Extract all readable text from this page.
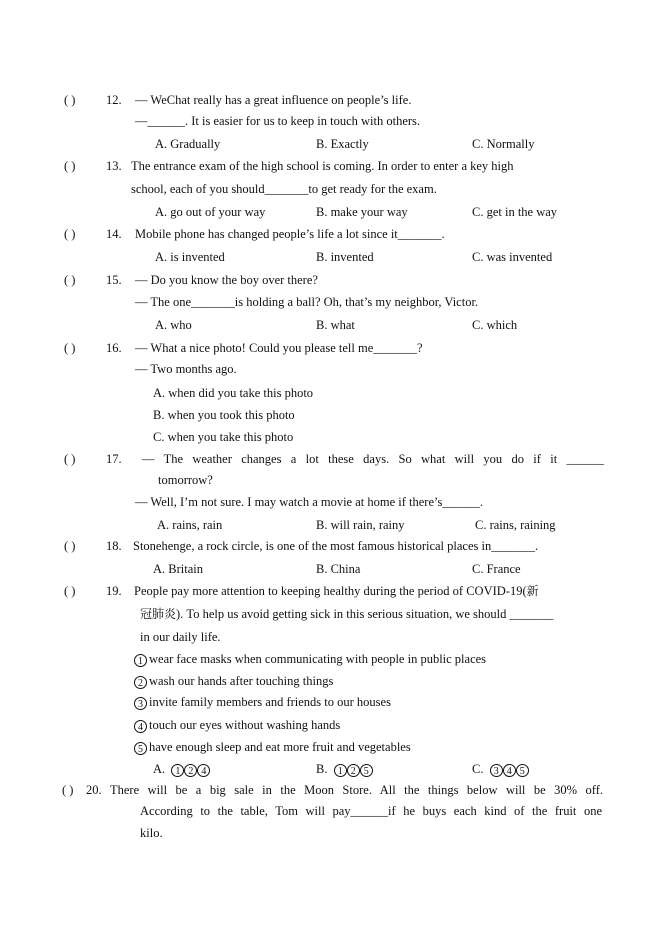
( ) 12. — WeChat really has a great influence on people’s life.
—______. It is easier for us to keep in touch with others.
A. Gradually	B. Exactly	C. Normally
( ) 13. The entrance exam of the high school is coming. In order to enter a key high
school, each of you should_______to get ready for the exam.
A. go out of your way	B. make your way	C. get in the way
( ) 14. Mobile phone has changed people’s life a lot since it_______.
A. is invented	B. invented	C. was invented
( ) 15. — Do you know the boy over there?
— The one_______is holding a ball? Oh, that’s my neighbor, Victor.
A. who	B. what	C. which
( ) 16. — What a nice photo! Could you please tell me_______?
— Two months ago.
A. when did you take this photo
B. when you took this photo
C. when you take this photo
( ) 17. — The weather changes a lot these days. So what will you do if it ______
tomorrow?
— Well, I’m not sure. I may watch a movie at home if there’s______.
A. rains, rain	B. will rain, rainy	C. rains, raining
( ) 18. Stonehenge, a rock circle, is one of the most famous historical places in_______.
A. Britain	B. China	C. France
( ) 19. People pay more attention to keeping healthy during the period of COVID-19(新
冠肺炎). To help us avoid getting sick in this serious situation, we should _______
in our daily life.
1 wear face masks when communicating with people in public places
2 wash our hands after touching things
3 invite family members and friends to our houses
4 touch our eyes without washing hands
5 have enough sleep and eat more fruit and vegetables
A. 1 2 4	B. 1 2 5	C. 3 4 5
( ) 20. There will be a big sale in the Moon Store. All the things below will be 30% off.
According to the table, Tom will pay______if he buys each kind of the fruit one
kilo.
